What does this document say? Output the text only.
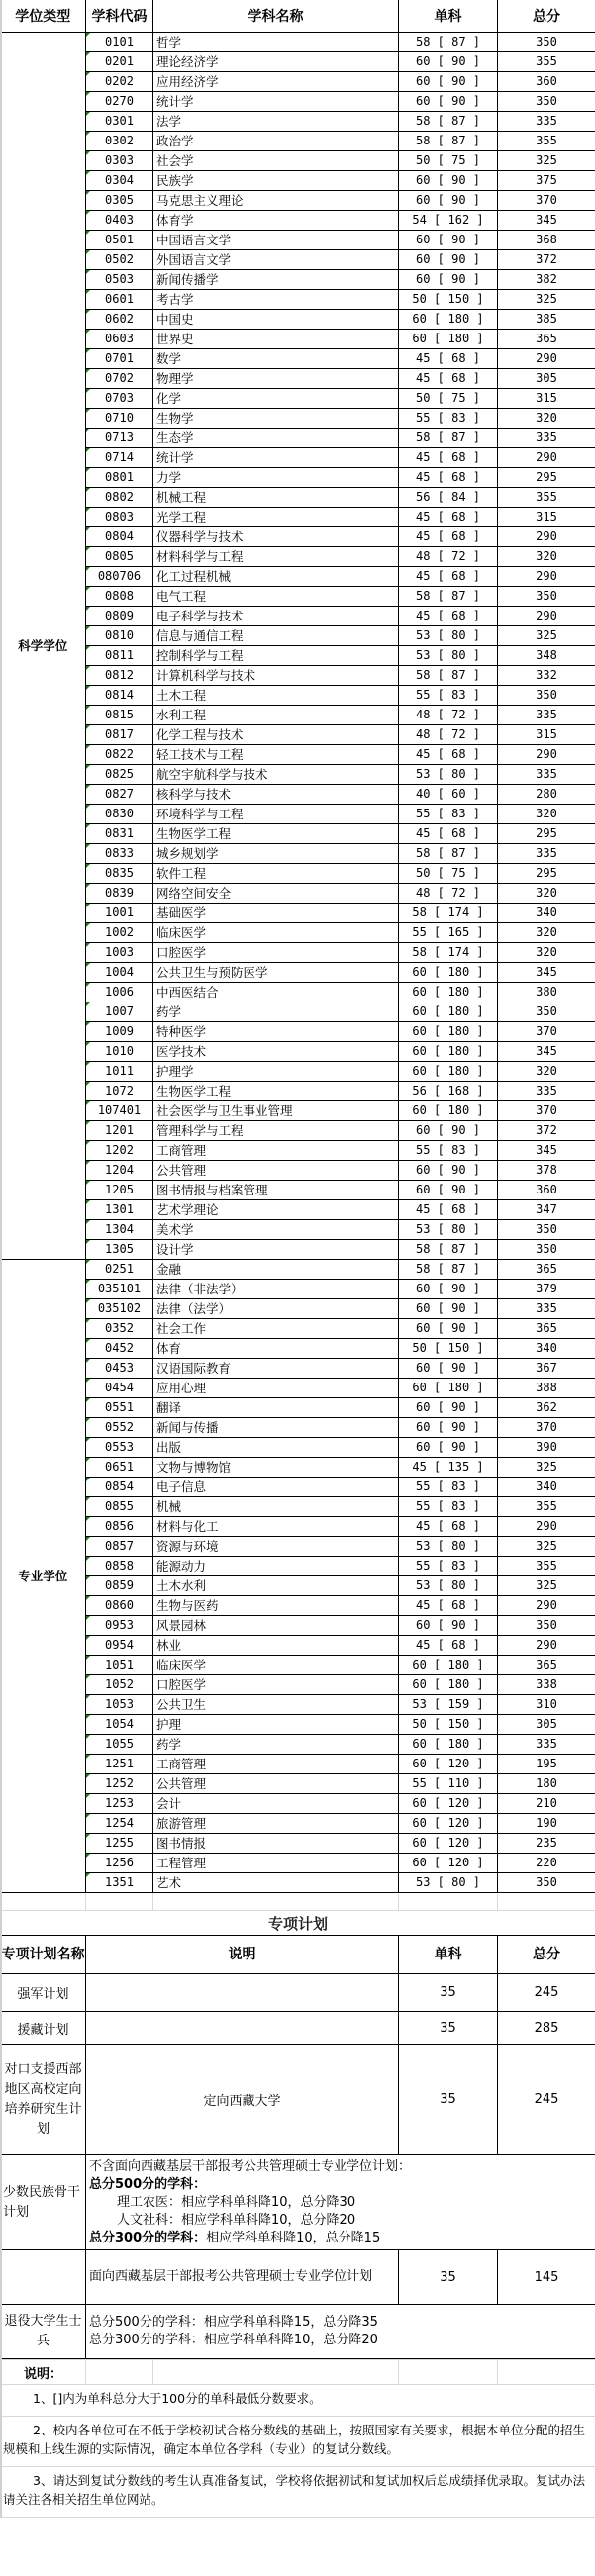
学位类型	学科代码	学科名称	单科	总分
科学学位	0101	哲学	58 [ 87 ]	350
	0201	理论经济学	60 [ 90 ]	355
	0202	应用经济学	60 [ 90 ]	360
	0270	统计学	60 [ 90 ]	350
	0301	法学	58 [ 87 ]	335
	0302	政治学	58 [ 87 ]	355
	0303	社会学	50 [ 75 ]	325
	0304	民族学	60 [ 90 ]	375
	0305	马克思主义理论	60 [ 90 ]	370
	0403	体育学	54 [ 162 ]	345
	0501	中国语言文学	60 [ 90 ]	368
	0502	外国语言文学	60 [ 90 ]	372
	0503	新闻传播学	60 [ 90 ]	382
	0601	考古学	50 [ 150 ]	325
	0602	中国史	60 [ 180 ]	385
	0603	世界史	60 [ 180 ]	365
	0701	数学	45 [ 68 ]	290
	0702	物理学	45 [ 68 ]	305
	0703	化学	50 [ 75 ]	315
	0710	生物学	55 [ 83 ]	320
	0713	生态学	58 [ 87 ]	335
	0714	统计学	45 [ 68 ]	290
	0801	力学	45 [ 68 ]	295
	0802	机械工程	56 [ 84 ]	355
	0803	光学工程	45 [ 68 ]	315
	0804	仪器科学与技术	45 [ 68 ]	290
	0805	材料科学与工程	48 [ 72 ]	320
	080706	化工过程机械	45 [ 68 ]	290
	0808	电气工程	58 [ 87 ]	350
	0809	电子科学与技术	45 [ 68 ]	290
	0810	信息与通信工程	53 [ 80 ]	325
	0811	控制科学与工程	53 [ 80 ]	348
	0812	计算机科学与技术	58 [ 87 ]	332
	0814	土木工程	55 [ 83 ]	350
	0815	水利工程	48 [ 72 ]	335
	0817	化学工程与技术	48 [ 72 ]	315
	0822	轻工技术与工程	45 [ 68 ]	290
	0825	航空宇航科学与技术	53 [ 80 ]	335
	0827	核科学与技术	40 [ 60 ]	280
	0830	环境科学与工程	55 [ 83 ]	320
	0831	生物医学工程	45 [ 68 ]	295
	0833	城乡规划学	58 [ 87 ]	335
	0835	软件工程	50 [ 75 ]	295
	0839	网络空间安全	48 [ 72 ]	320
	1001	基础医学	58 [ 174 ]	340
	1002	临床医学	55 [ 165 ]	320
	1003	口腔医学	58 [ 174 ]	320
	1004	公共卫生与预防医学	60 [ 180 ]	345
	1006	中西医结合	60 [ 180 ]	380
	1007	药学	60 [ 180 ]	350
	1009	特种医学	60 [ 180 ]	370
	1010	医学技术	60 [ 180 ]	345
	1011	护理学	60 [ 180 ]	320
	1072	生物医学工程	56 [ 168 ]	335
	107401	社会医学与卫生事业管理	60 [ 180 ]	370
	1201	管理科学与工程	60 [ 90 ]	372
	1202	工商管理	55 [ 83 ]	345
	1204	公共管理	60 [ 90 ]	378
	1205	图书情报与档案管理	60 [ 90 ]	360
	1301	艺术学理论	45 [ 68 ]	347
	1304	美术学	53 [ 80 ]	350
	1305	设计学	58 [ 87 ]	350
专业学位	0251	金融	58 [ 87 ]	365
	035101	法律（非法学）	60 [ 90 ]	379
	035102	法律（法学）	60 [ 90 ]	335
	0352	社会工作	60 [ 90 ]	365
	0452	体育	50 [ 150 ]	340
	0453	汉语国际教育	60 [ 90 ]	367
	0454	应用心理	60 [ 180 ]	388
	0551	翻译	60 [ 90 ]	362
	0552	新闻与传播	60 [ 90 ]	370
	0553	出版	60 [ 90 ]	390
	0651	文物与博物馆	45 [ 135 ]	325
	0854	电子信息	55 [ 83 ]	340
	0855	机械	55 [ 83 ]	355
	0856	材料与化工	45 [ 68 ]	290
	0857	资源与环境	53 [ 80 ]	325
	0858	能源动力	55 [ 83 ]	355
	0859	土木水利	53 [ 80 ]	325
	0860	生物与医药	45 [ 68 ]	290
	0953	风景园林	60 [ 90 ]	350
	0954	林业	45 [ 68 ]	290
	1051	临床医学	60 [ 180 ]	365
	1052	口腔医学	60 [ 180 ]	338
	1053	公共卫生	53 [ 159 ]	310
	1054	护理	50 [ 150 ]	305
	1055	药学	60 [ 180 ]	335
	1251	工商管理	60 [ 120 ]	195
	1252	公共管理	55 [ 110 ]	180
	1253	会计	60 [ 120 ]	210
	1254	旅游管理	60 [ 120 ]	190
	1255	图书情报	60 [ 120 ]	235
	1256	工程管理	60 [ 120 ]	220
	1351	艺术	53 [ 80 ]	350

专项计划			
专项计划名称	说明	单科	总分
强军计划		35	245
援藏计划		35	285
对口支援西部地区高校定向培养研究生计划	定向西藏大学	35	245
少数民族骨干计划	不含面向西藏基层干部报考公共管理硕士专业学位计划：
总分500分的学科：
理工农医：相应学科单科降10，总分降30
人文社科：相应学科单科降10，总分降20
总分300分的学科：相应学科单科降10，总分降15		

	面向西藏基层干部报考公共管理硕士专业学位计划	35	145
退役大学生士兵	总分500分的学科：相应学科单科降15，总分降35
总分300分的学科：相应学科单科降10，总分降20		
说明：				
1、[]内为单科总分大于100分的单科最低分数要求。
2、校内各单位可在不低于学校初试合格分数线的基础上，按照国家有关要求，根据本单位分配的招生规模和上线生源的实际情况，确定本单位各学科（专业）的复试分数线。
3、请达到复试分数线的考生认真准备复试，学校将依据初试和复试加权后总成绩择优录取。复试办法请关注各相关招生单位网站。
